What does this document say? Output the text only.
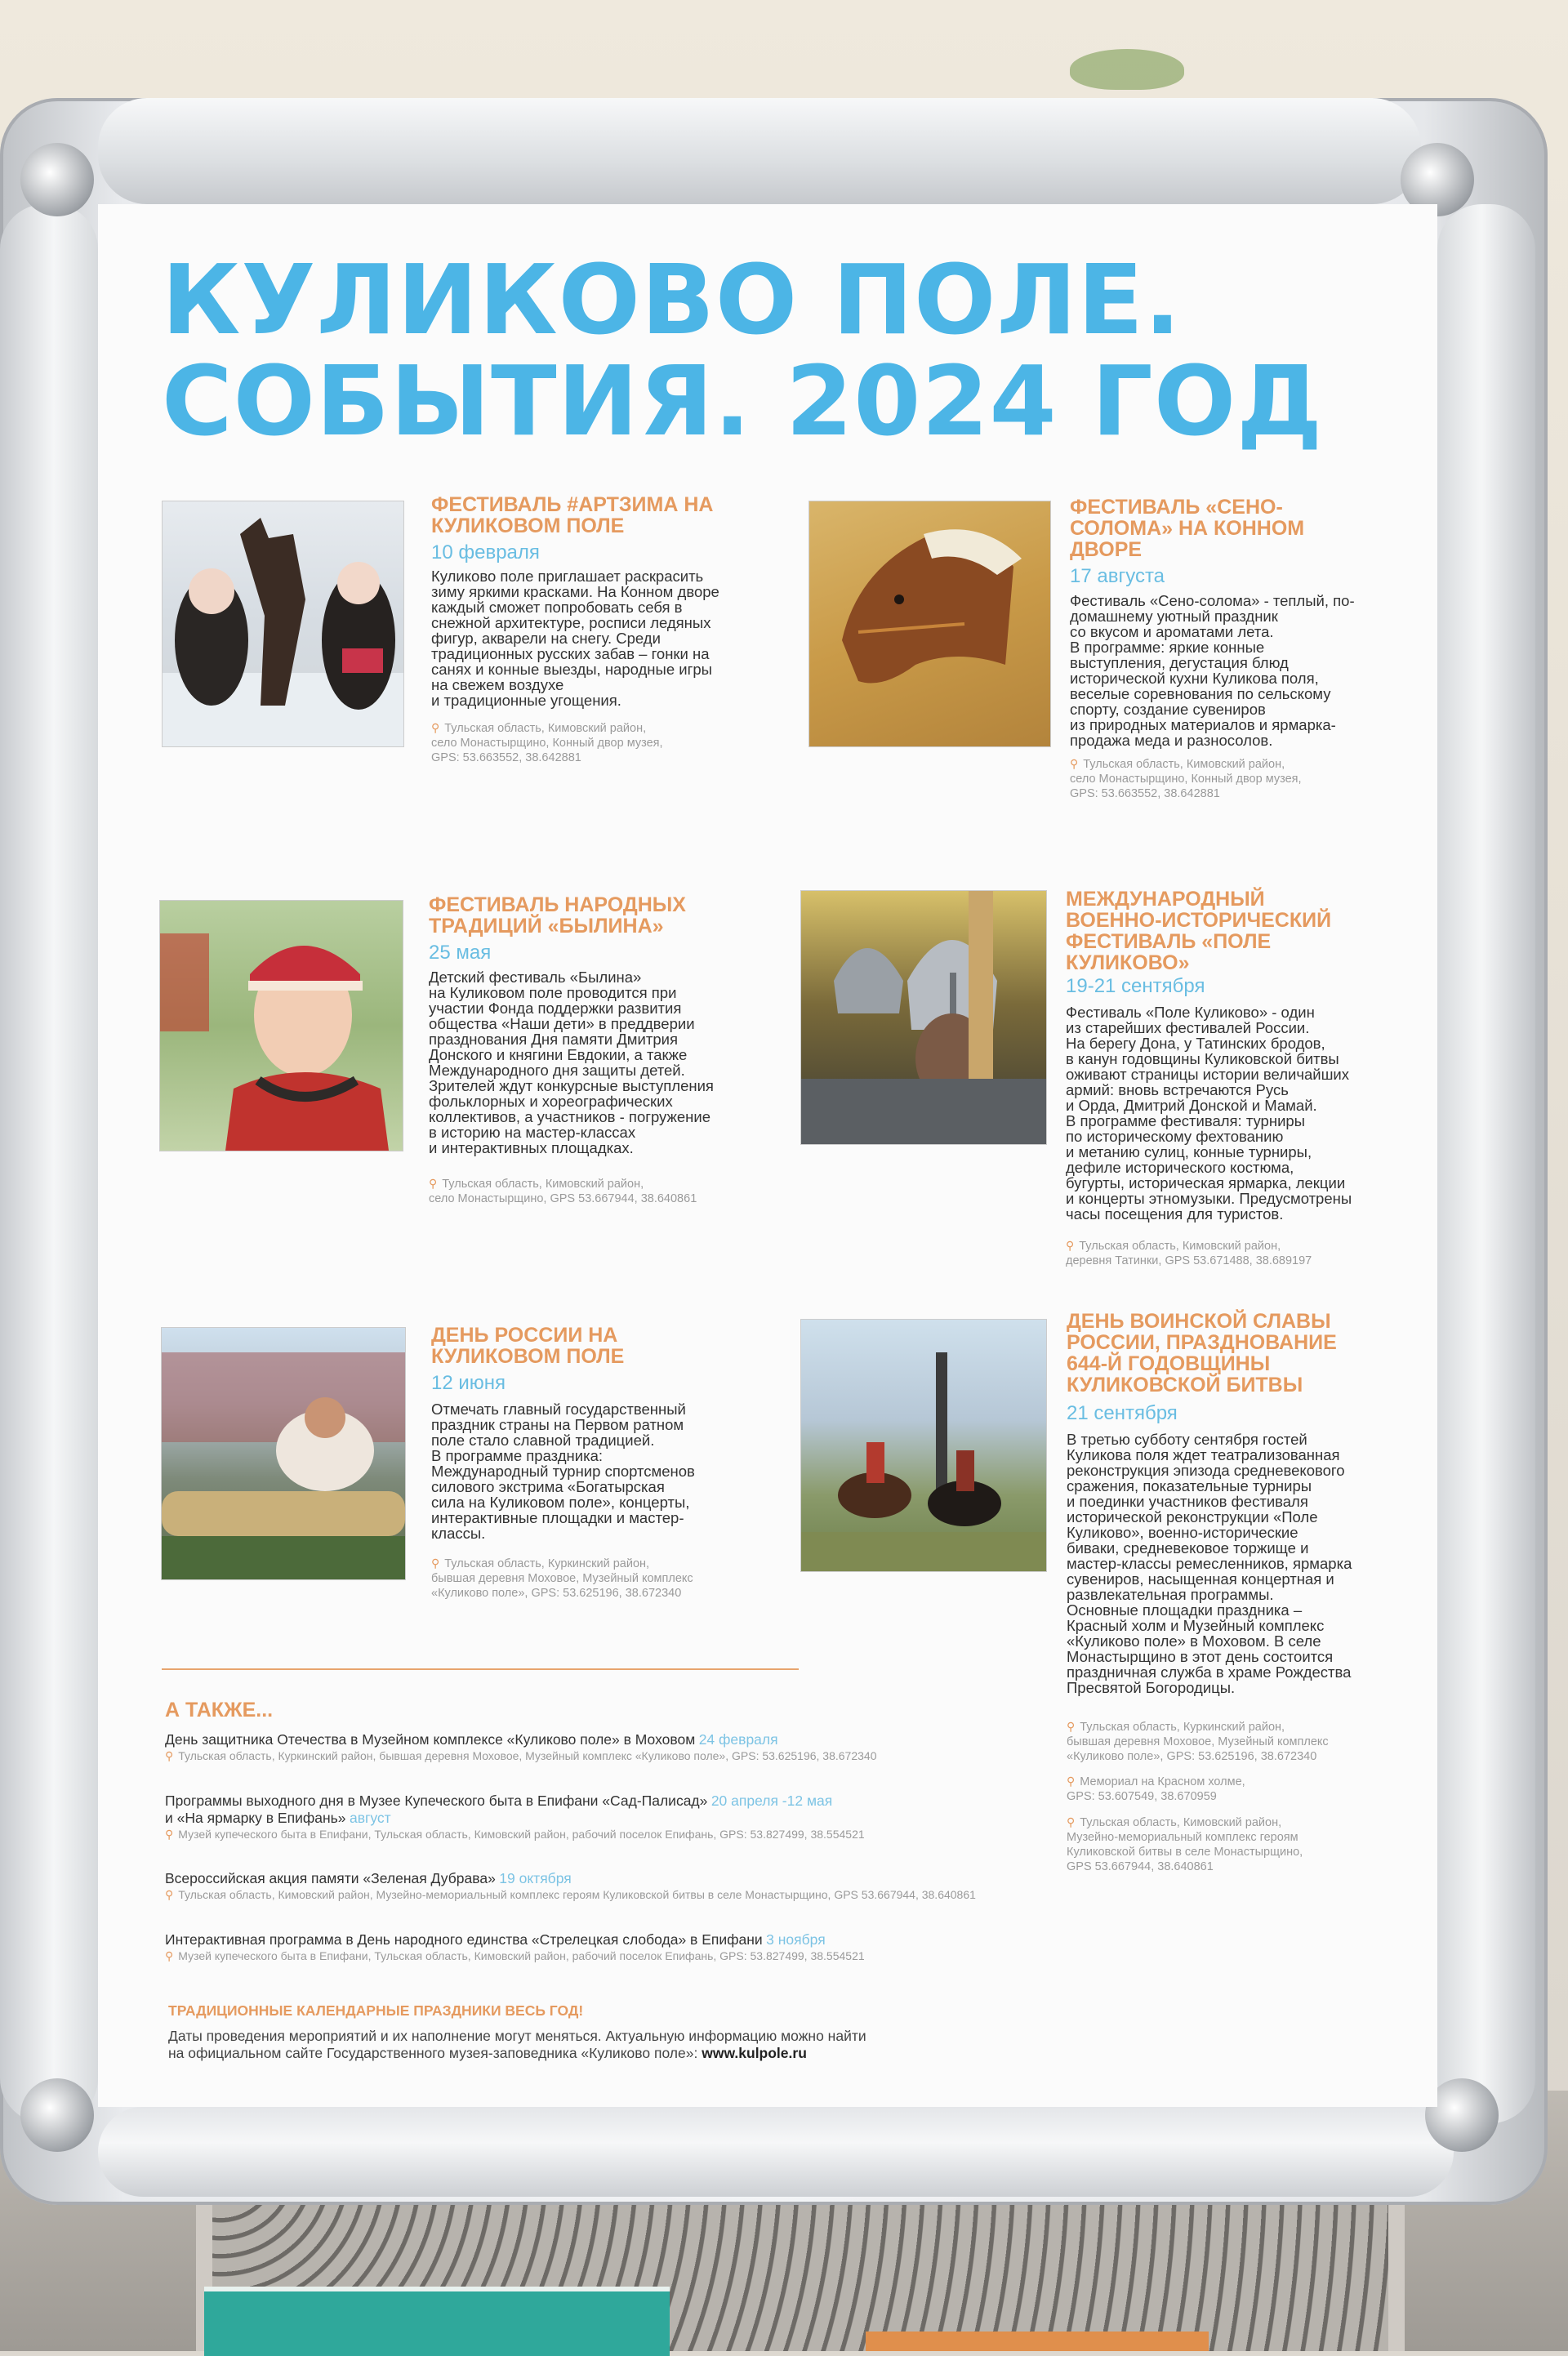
КУЛИКОВО ПОЛЕ.
СОБЫТИЯ. 2024 ГОД
ФЕСТИВАЛЬ #АРТЗИМА НА КУЛИКОВОМ ПОЛЕ
10 февраля
Куликово поле приглашает раскрасить
зиму яркими красками. На Конном дворе
каждый сможет попробовать себя в
снежной архитектуре, росписи ледяных
фигур, акварели на снегу. Среди
традиционных русских забав – гонки на
санях и конные выезды, народные игры
на свежем воздухе
и традиционные угощения.
⚲ Тульская область, Кимовский район,
село Монастырщино, Конный двор музея,
GPS: 53.663552, 38.642881
ФЕСТИВАЛЬ «СЕНО-СОЛОМА» НА КОННОМ ДВОРЕ
17 августа
Фестиваль «Сено-солома» - теплый, по-
домашнему уютный праздник
со вкусом и ароматами лета.
В программе: яркие конные
выступления, дегустация блюд
исторической кухни Куликова поля,
веселые соревнования по сельскому
спорту, создание сувениров
из природных материалов и ярмарка-
продажа меда и разносолов.
⚲ Тульская область, Кимовский район,
село Монастырщино, Конный двор музея,
GPS: 53.663552, 38.642881
ФЕСТИВАЛЬ НАРОДНЫХ ТРАДИЦИЙ «БЫЛИНА»
25 мая
Детский фестиваль «Былина»
на Куликовом поле проводится при
участии Фонда поддержки развития
общества «Наши дети» в преддверии
празднования Дня памяти Дмитрия
Донского и княгини Евдокии, а также
Международного дня защиты детей.
Зрителей ждут конкурсные выступления
фольклорных и хореографических
коллективов, а участников - погружение
в историю на мастер-классах
и интерактивных площадках.
⚲ Тульская область, Кимовский район,
село Монастырщино, GPS 53.667944, 38.640861
МЕЖДУНАРОДНЫЙ ВОЕННО-ИСТОРИЧЕСКИЙ ФЕСТИВАЛЬ «ПОЛЕ КУЛИКОВО»
19-21 сентября
Фестиваль «Поле Куликово» - один
из старейших фестивалей России.
На берегу Дона, у Татинских бродов,
в канун годовщины Куликовской битвы
оживают страницы истории величайших
армий: вновь встречаются Русь
и Орда, Дмитрий Донской и Мамай.
В программе фестиваля: турниры
по историческому фехтованию
и метанию сулиц, конные турниры,
дефиле исторического костюма,
бугурты, историческая ярмарка, лекции
и концерты этномузыки. Предусмотрены
часы посещения для туристов.
⚲ Тульская область, Кимовский район,
деревня Татинки, GPS 53.671488, 38.689197
ДЕНЬ РОССИИ НА КУЛИКОВОМ ПОЛЕ
12 июня
Отмечать главный государственный
праздник страны на Первом ратном
поле стало славной традицией.
В программе праздника:
Международный турнир спортсменов
силового экстрима «Богатырская
сила на Куликовом поле», концерты,
интерактивные площадки и мастер-
классы.
⚲ Тульская область, Куркинский район,
бывшая деревня Моховое, Музейный комплекс
«Куликово поле», GPS: 53.625196, 38.672340
ДЕНЬ ВОИНСКОЙ СЛАВЫ РОССИИ, ПРАЗДНОВАНИЕ 644-Й ГОДОВЩИНЫ КУЛИКОВСКОЙ БИТВЫ
21 сентября
В третью субботу сентября гостей
Куликова поля ждет театрализованная
реконструкция эпизода средневекового
сражения, показательные турниры
и поединки участников фестиваля
исторической реконструкции «Поле
Куликово», военно-исторические
биваки, средневековое торжище и
мастер-классы ремесленников, ярмарка
сувениров, насыщенная концертная и
развлекательная программы.
Основные площадки праздника –
Красный холм и Музейный комплекс
«Куликово поле» в Моховом. В селе
Монастырщино в этот день состоится
праздничная служба в храме Рождества
Пресвятой Богородицы.
⚲ Тульская область, Куркинский район,
бывшая деревня Моховое, Музейный комплекс
«Куликово поле», GPS: 53.625196, 38.672340
⚲ Мемориал на Красном холме,
GPS: 53.607549, 38.670959
⚲ Тульская область, Кимовский район,
Музейно-мемориальный комплекс героям
Куликовской битвы в селе Монастырщино,
GPS 53.667944, 38.640861
А ТАКЖЕ...
День защитника Отечества в Музейном комплексе «Куликово поле» в Моховом 24 февраля
⚲ Тульская область, Куркинский район, бывшая деревня Моховое, Музейный комплекс «Куликово поле», GPS: 53.625196, 38.672340
Программы выходного дня в Музее Купеческого быта в Епифани «Сад-Палисад» 20 апреля -12 мая
и «На ярмарку в Епифань» август
⚲ Музей купеческого быта в Епифани, Тульская область, Кимовский район, рабочий поселок Епифань, GPS: 53.827499, 38.554521
Всероссийская акция памяти «Зеленая Дубрава» 19 октября
⚲ Тульская область, Кимовский район, Музейно-мемориальный комплекс героям Куликовской битвы в селе Монастырщино, GPS 53.667944, 38.640861
Интерактивная программа в День народного единства «Стрелецкая слобода» в Епифани 3 ноября
⚲ Музей купеческого быта в Епифани, Тульская область, Кимовский район, рабочий поселок Епифань, GPS: 53.827499, 38.554521
ТРАДИЦИОННЫЕ КАЛЕНДАРНЫЕ ПРАЗДНИКИ ВЕСЬ ГОД!
Даты проведения мероприятий и их наполнение могут меняться. Актуальную информацию можно найти
на официальном сайте Государственного музея-заповедника «Куликово поле»: www.kulpole.ru
